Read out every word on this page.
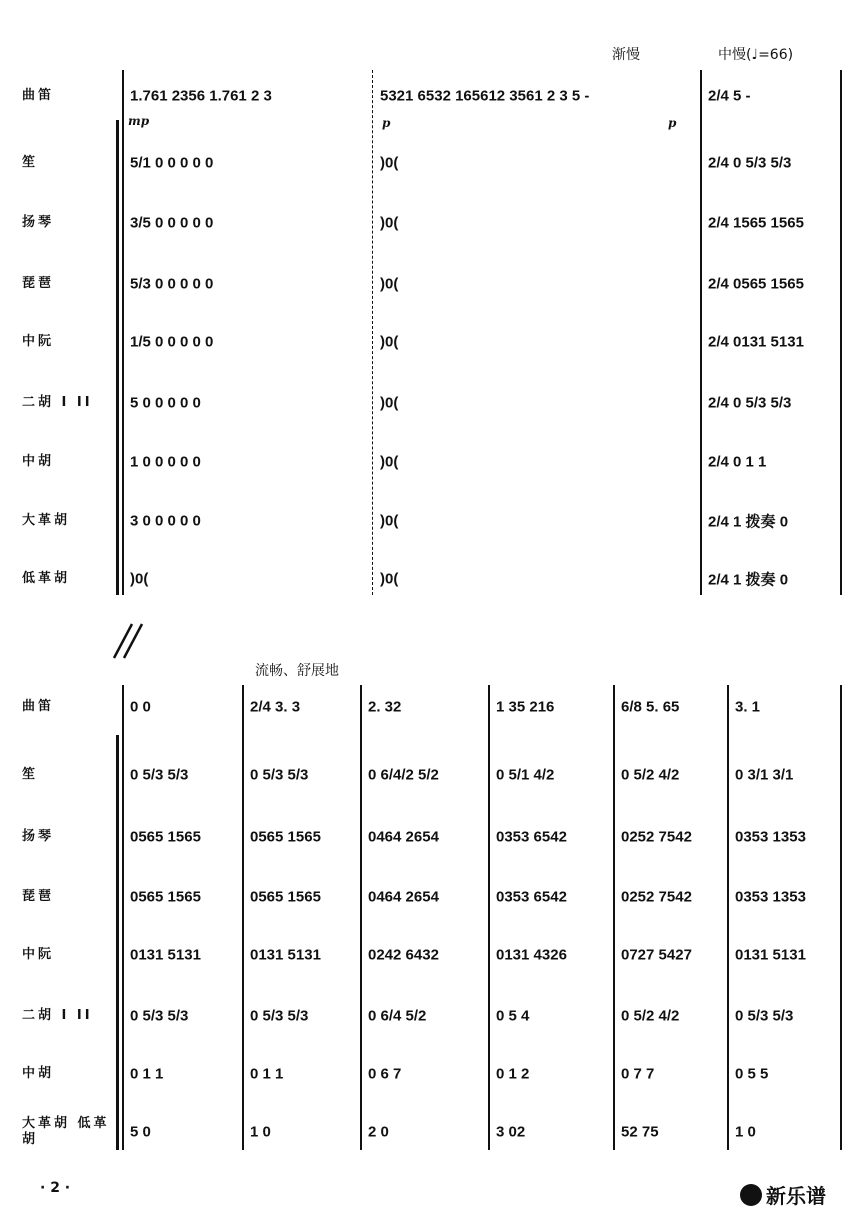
曲笛	1.761 2356 1.761 2 3	5321 6532 165612 3561 2 3 5 -	2/4 5 -
笙	5/1 0 0 0 0 0	)0(	2/4 0 5/3 5/3
扬琴	3/5 0 0 0 0 0	)0(	2/4 1565 1565
琵琶	5/3 0 0 0 0 0	)0(	2/4 0565 1565
中阮	1/5 0 0 0 0 0	)0(	2/4 0131 5131
二胡 I II	5 0 0 0 0 0	)0(	2/4 0 5/3 5/3
中胡	1 0 0 0 0 0	)0(	2/4 0 1 1
大革胡	3 0 0 0 0 0	)0(	2/4 1 拨奏 0
低革胡	)0(	)0(	2/4 1 拨奏 0
曲笛	0 0	2/4 3. 3	2. 32	1 35 216	6/8 5. 65	3. 1
笙	0 5/3 5/3	0 5/3 5/3	0 6/4/2 5/2	0 5/1 4/2	0 5/2 4/2	0 3/1 3/1
扬琴	0565 1565	0565 1565	0464 2654	0353 6542	0252 7542	0353 1353
琵琶	0565 1565	0565 1565	0464 2654	0353 6542	0252 7542	0353 1353
中阮	0131 5131	0131 5131	0242 6432	0131 4326	0727 5427	0131 5131
二胡 I II	0 5/3 5/3	0 5/3 5/3	0 6/4 5/2	0 5 4	0 5/2 4/2	0 5/3 5/3
中胡	0 1 1	0 1 1	0 6 7	0 1 2	0 7 7	0 5 5
大革胡 低革胡	5 0	1 0	2 0	3 02	52 75	1 0
渐慢	中慢(♩=66)
mp	p	p
流畅、舒展地
· 2 ·	新乐谱
